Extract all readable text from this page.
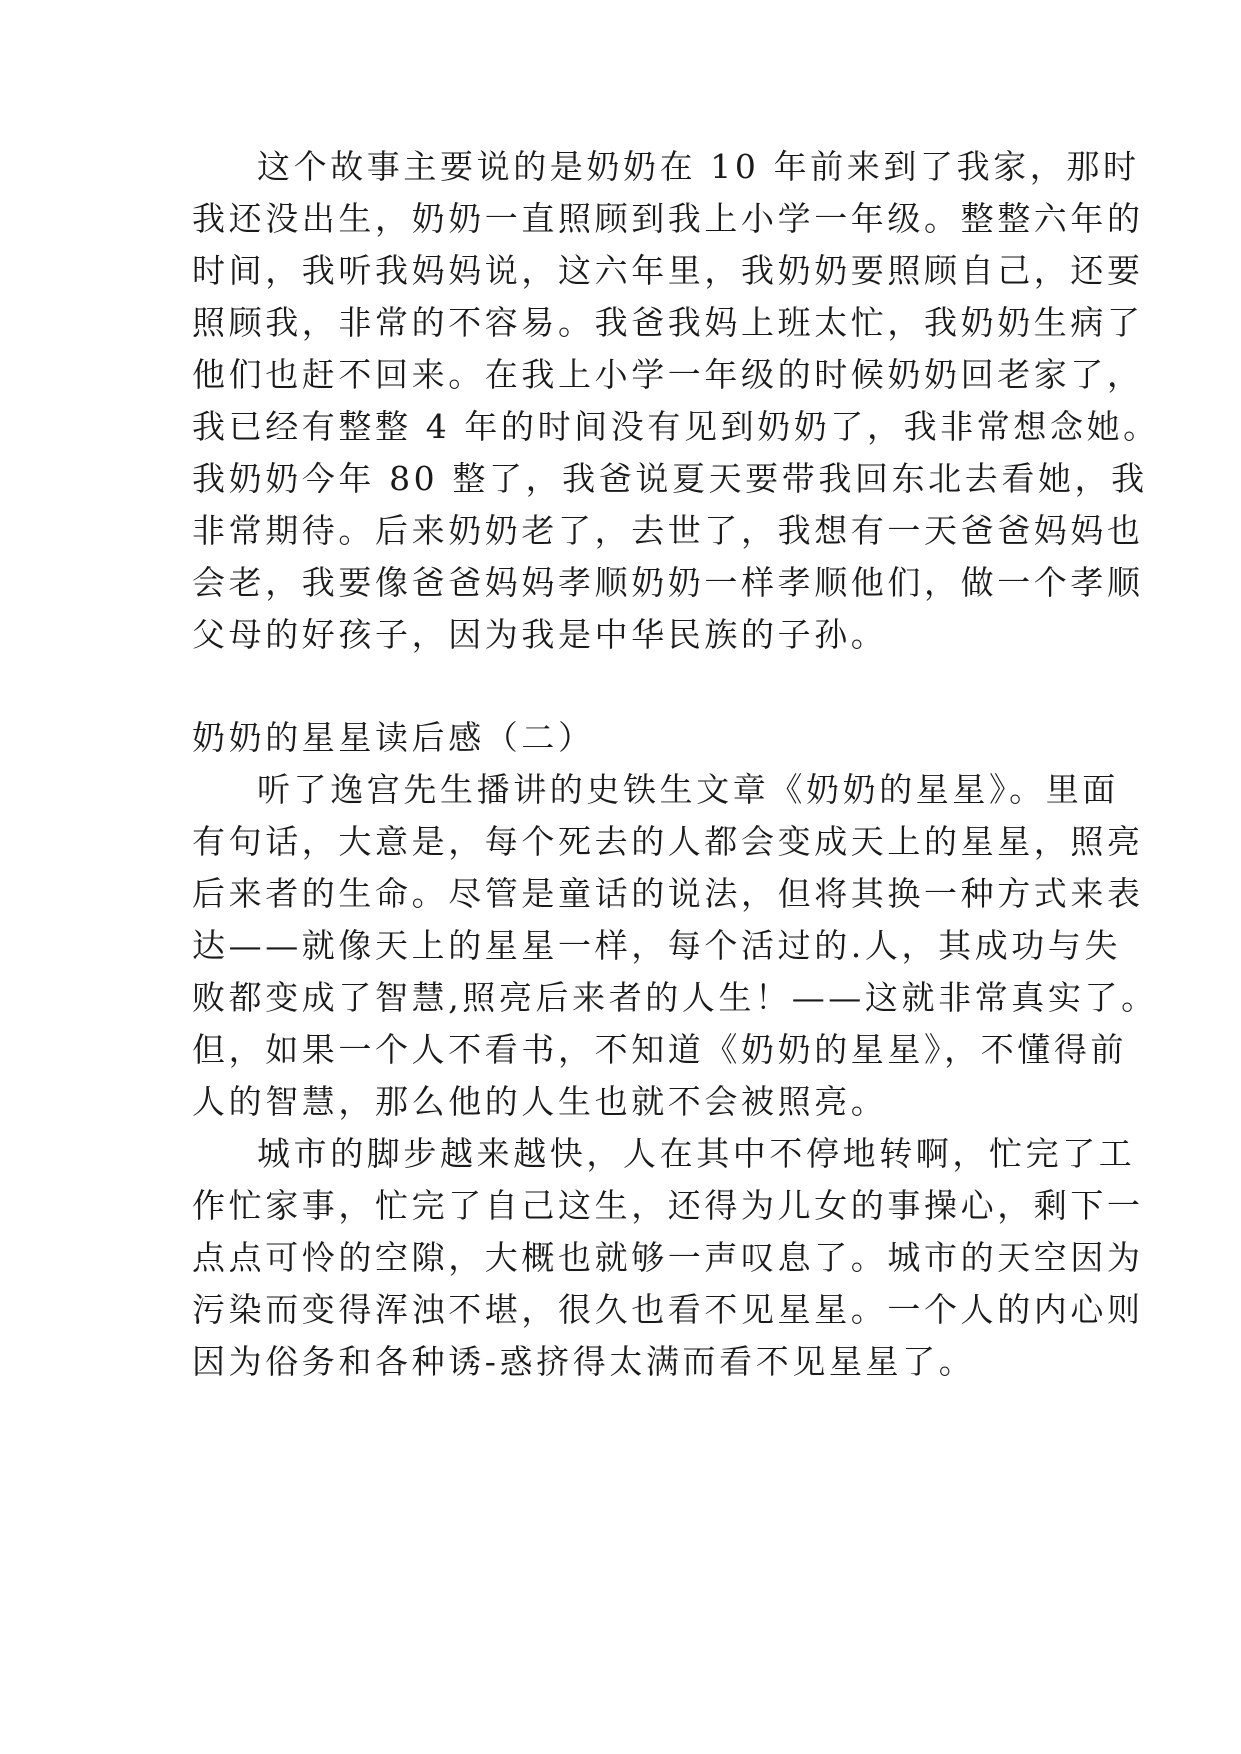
这个故事主要说的是奶奶在 10 年前来到了我家，那时
我还没出生，奶奶一直照顾到我上小学一年级。整整六年的
时间，我听我妈妈说，这六年里，我奶奶要照顾自己，还要
照顾我，非常的不容易。我爸我妈上班太忙，我奶奶生病了
他们也赶不回来。在我上小学一年级的时候奶奶回老家了，
我已经有整整 4 年的时间没有见到奶奶了，我非常想念她。
我奶奶今年 80 整了，我爸说夏天要带我回东北去看她，我
非常期待。后来奶奶老了，去世了，我想有一天爸爸妈妈也
会老，我要像爸爸妈妈孝顺奶奶一样孝顺他们，做一个孝顺
父母的好孩子，因为我是中华民族的子孙。
奶奶的星星读后感（二）
听了逸宫先生播讲的史铁生文章《奶奶的星星》。里面
有句话，大意是，每个死去的人都会变成天上的星星，照亮
后来者的生命。尽管是童话的说法，但将其换一种方式来表
达——就像天上的星星一样，每个活过的.人，其成功与失
败都变成了智慧,照亮后来者的人生！——这就非常真实了。
但，如果一个人不看书，不知道《奶奶的星星》，不懂得前
人的智慧，那么他的人生也就不会被照亮。
城市的脚步越来越快，人在其中不停地转啊，忙完了工
作忙家事，忙完了自己这生，还得为儿女的事操心，剩下一
点点可怜的空隙，大概也就够一声叹息了。城市的天空因为
污染而变得浑浊不堪，很久也看不见星星。一个人的内心则
因为俗务和各种诱-惑挤得太满而看不见星星了。
